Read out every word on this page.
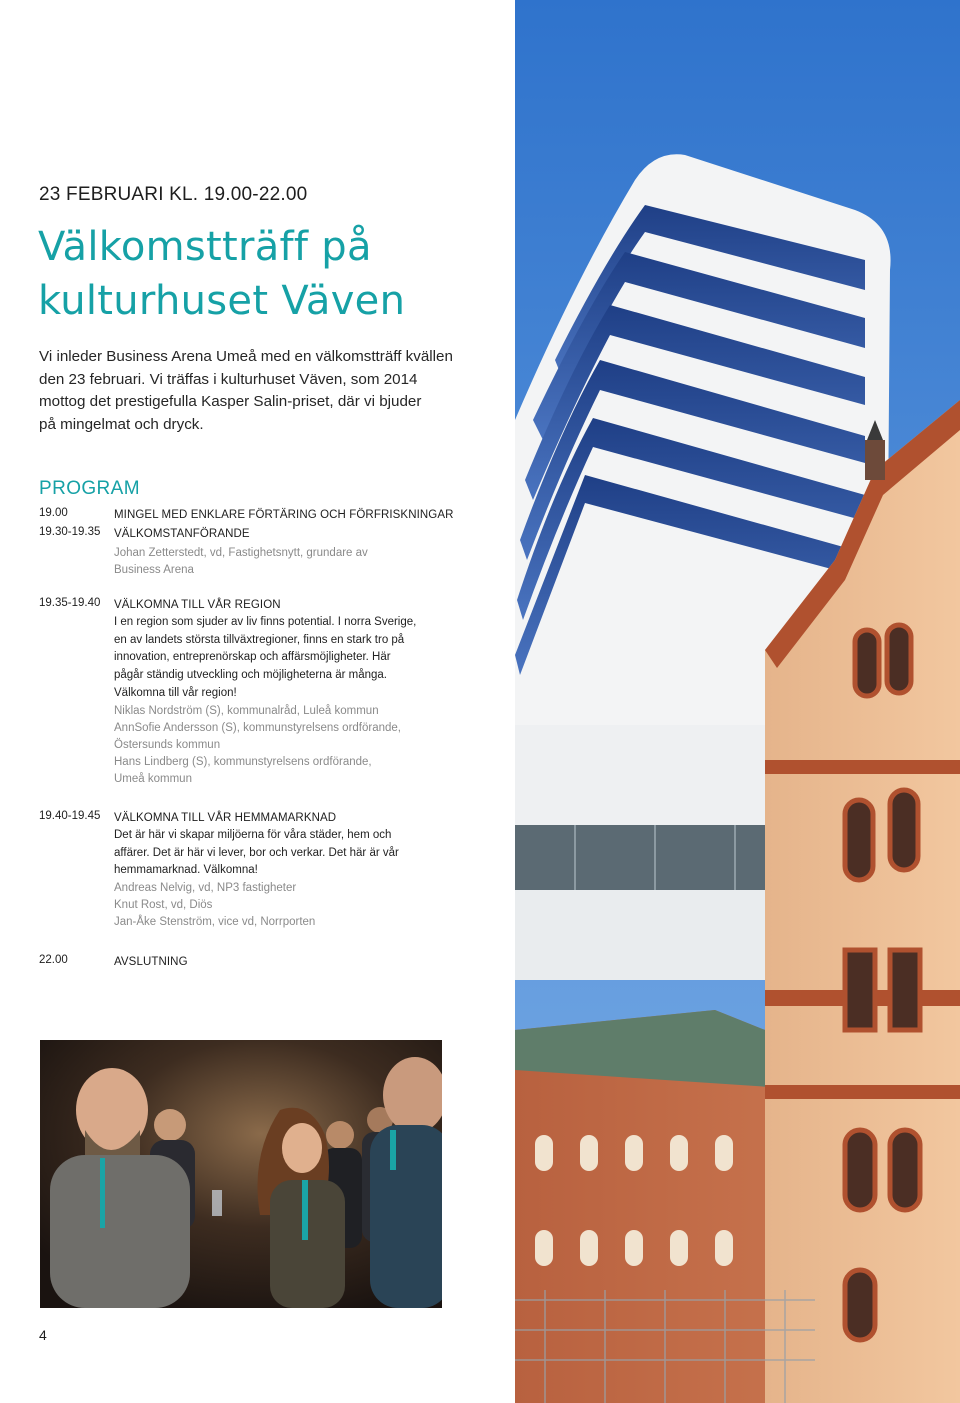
23 FEBRUARI KL. 19.00-22.00
Välkomstträff på
kulturhuset Väven

Vi inleder Business Arena Umeå med en välkomstträff kvällen
den 23 februari. Vi träffas i kulturhuset Väven, som 2014
mottog det prestigefulla Kasper Salin-priset, där vi bjuder
på mingelmat och dryck.

PROGRAM
19.00	MINGEL MED ENKLARE FÖRTÄRING OCH FÖRFRISKNINGAR
19.30-19.35 VÄLKOMSTANFÖRANDE
Johan Zetterstedt, vd, Fastighetsnytt, grundare av
Business Arena
19.35-19.40 VÄLKOMNA TILL VÅR REGION
I en region som sjuder av liv finns potential. I norra Sverige,
en av landets största tillväxtregioner, finns en stark tro på
innovation, entreprenörskap och affärsmöjligheter. Här
pågår ständig utveckling och möjligheterna är många.
Välkomna till vår region!
Niklas Nordström (S), kommunalråd, Luleå kommun
AnnSofie Andersson (S), kommunstyrelsens ordförande,
Östersunds kommun
Hans Lindberg (S), kommunstyrelsens ordförande,
Umeå kommun
19.40-19.45 VÄLKOMNA TILL VÅR HEMMAMARKNAD
Det är här vi skapar miljöerna för våra städer, hem och
affärer. Det är här vi lever, bor och verkar. Det här är vår
hemmamarknad. Välkomna!
Andreas Nelvig, vd, NP3 fastigheter
Knut Rost, vd, Diös
Jan-Åke Stenström, vice vd, Norrporten
22.00	AVSLUTNING
4
